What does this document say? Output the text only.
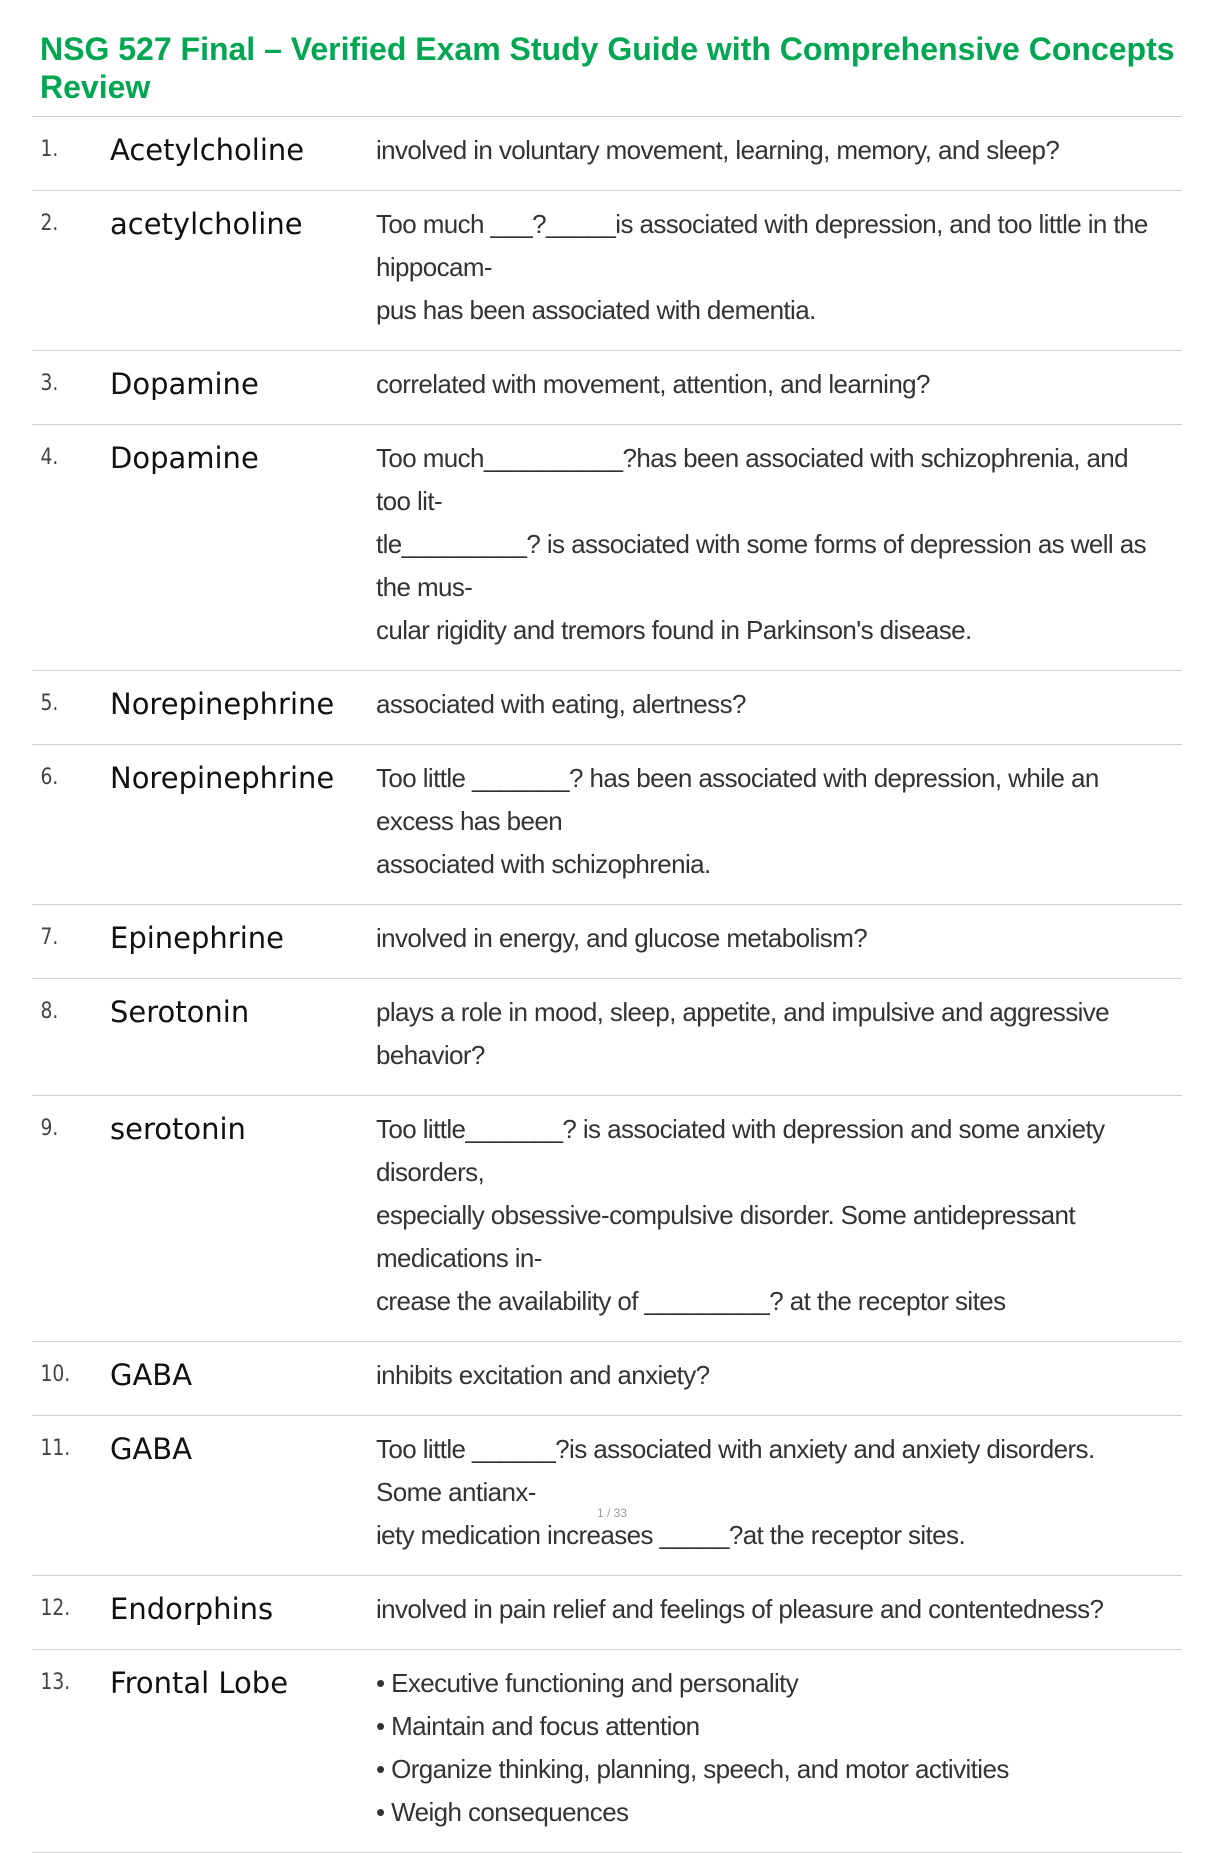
NSG 527 Final – Verified Exam Study Guide with Comprehensive Concepts Review
1.	Acetylcholine	involved in voluntary movement, learning, memory, and sleep?
2.	acetylcholine	Too much ___?_____is associated with depression, and too little in the hippocam-
pus has been associated with dementia.
3.	Dopamine	correlated with movement, attention, and learning?
4.	Dopamine	Too much__________?has been associated with schizophrenia, and too lit-
tle_________? is associated with some forms of depression as well as the mus-
cular rigidity and tremors found in Parkinson's disease.
5.	Norepinephrine	associated with eating, alertness?
6.	Norepinephrine	Too little _______? has been associated with depression, while an excess has been
associated with schizophrenia.
7.	Epinephrine	involved in energy, and glucose metabolism?
8.	Serotonin	plays a role in mood, sleep, appetite, and impulsive and aggressive behavior?
9.	serotonin	Too little_______? is associated with depression and some anxiety disorders,
especially obsessive-compulsive disorder. Some antidepressant medications in-
crease the availability of _________? at the receptor sites
10.	GABA	inhibits excitation and anxiety?
11.	GABA	Too little ______?is associated with anxiety and anxiety disorders. Some antianx-
iety medication increases _____?at the receptor sites.
12.	Endorphins	involved in pain relief and feelings of pleasure and contentedness?
13.	Frontal Lobe	• Executive functioning and personality
• Maintain and focus attention
• Organize thinking, planning, speech, and motor activities
• Weigh consequences
1 / 33
